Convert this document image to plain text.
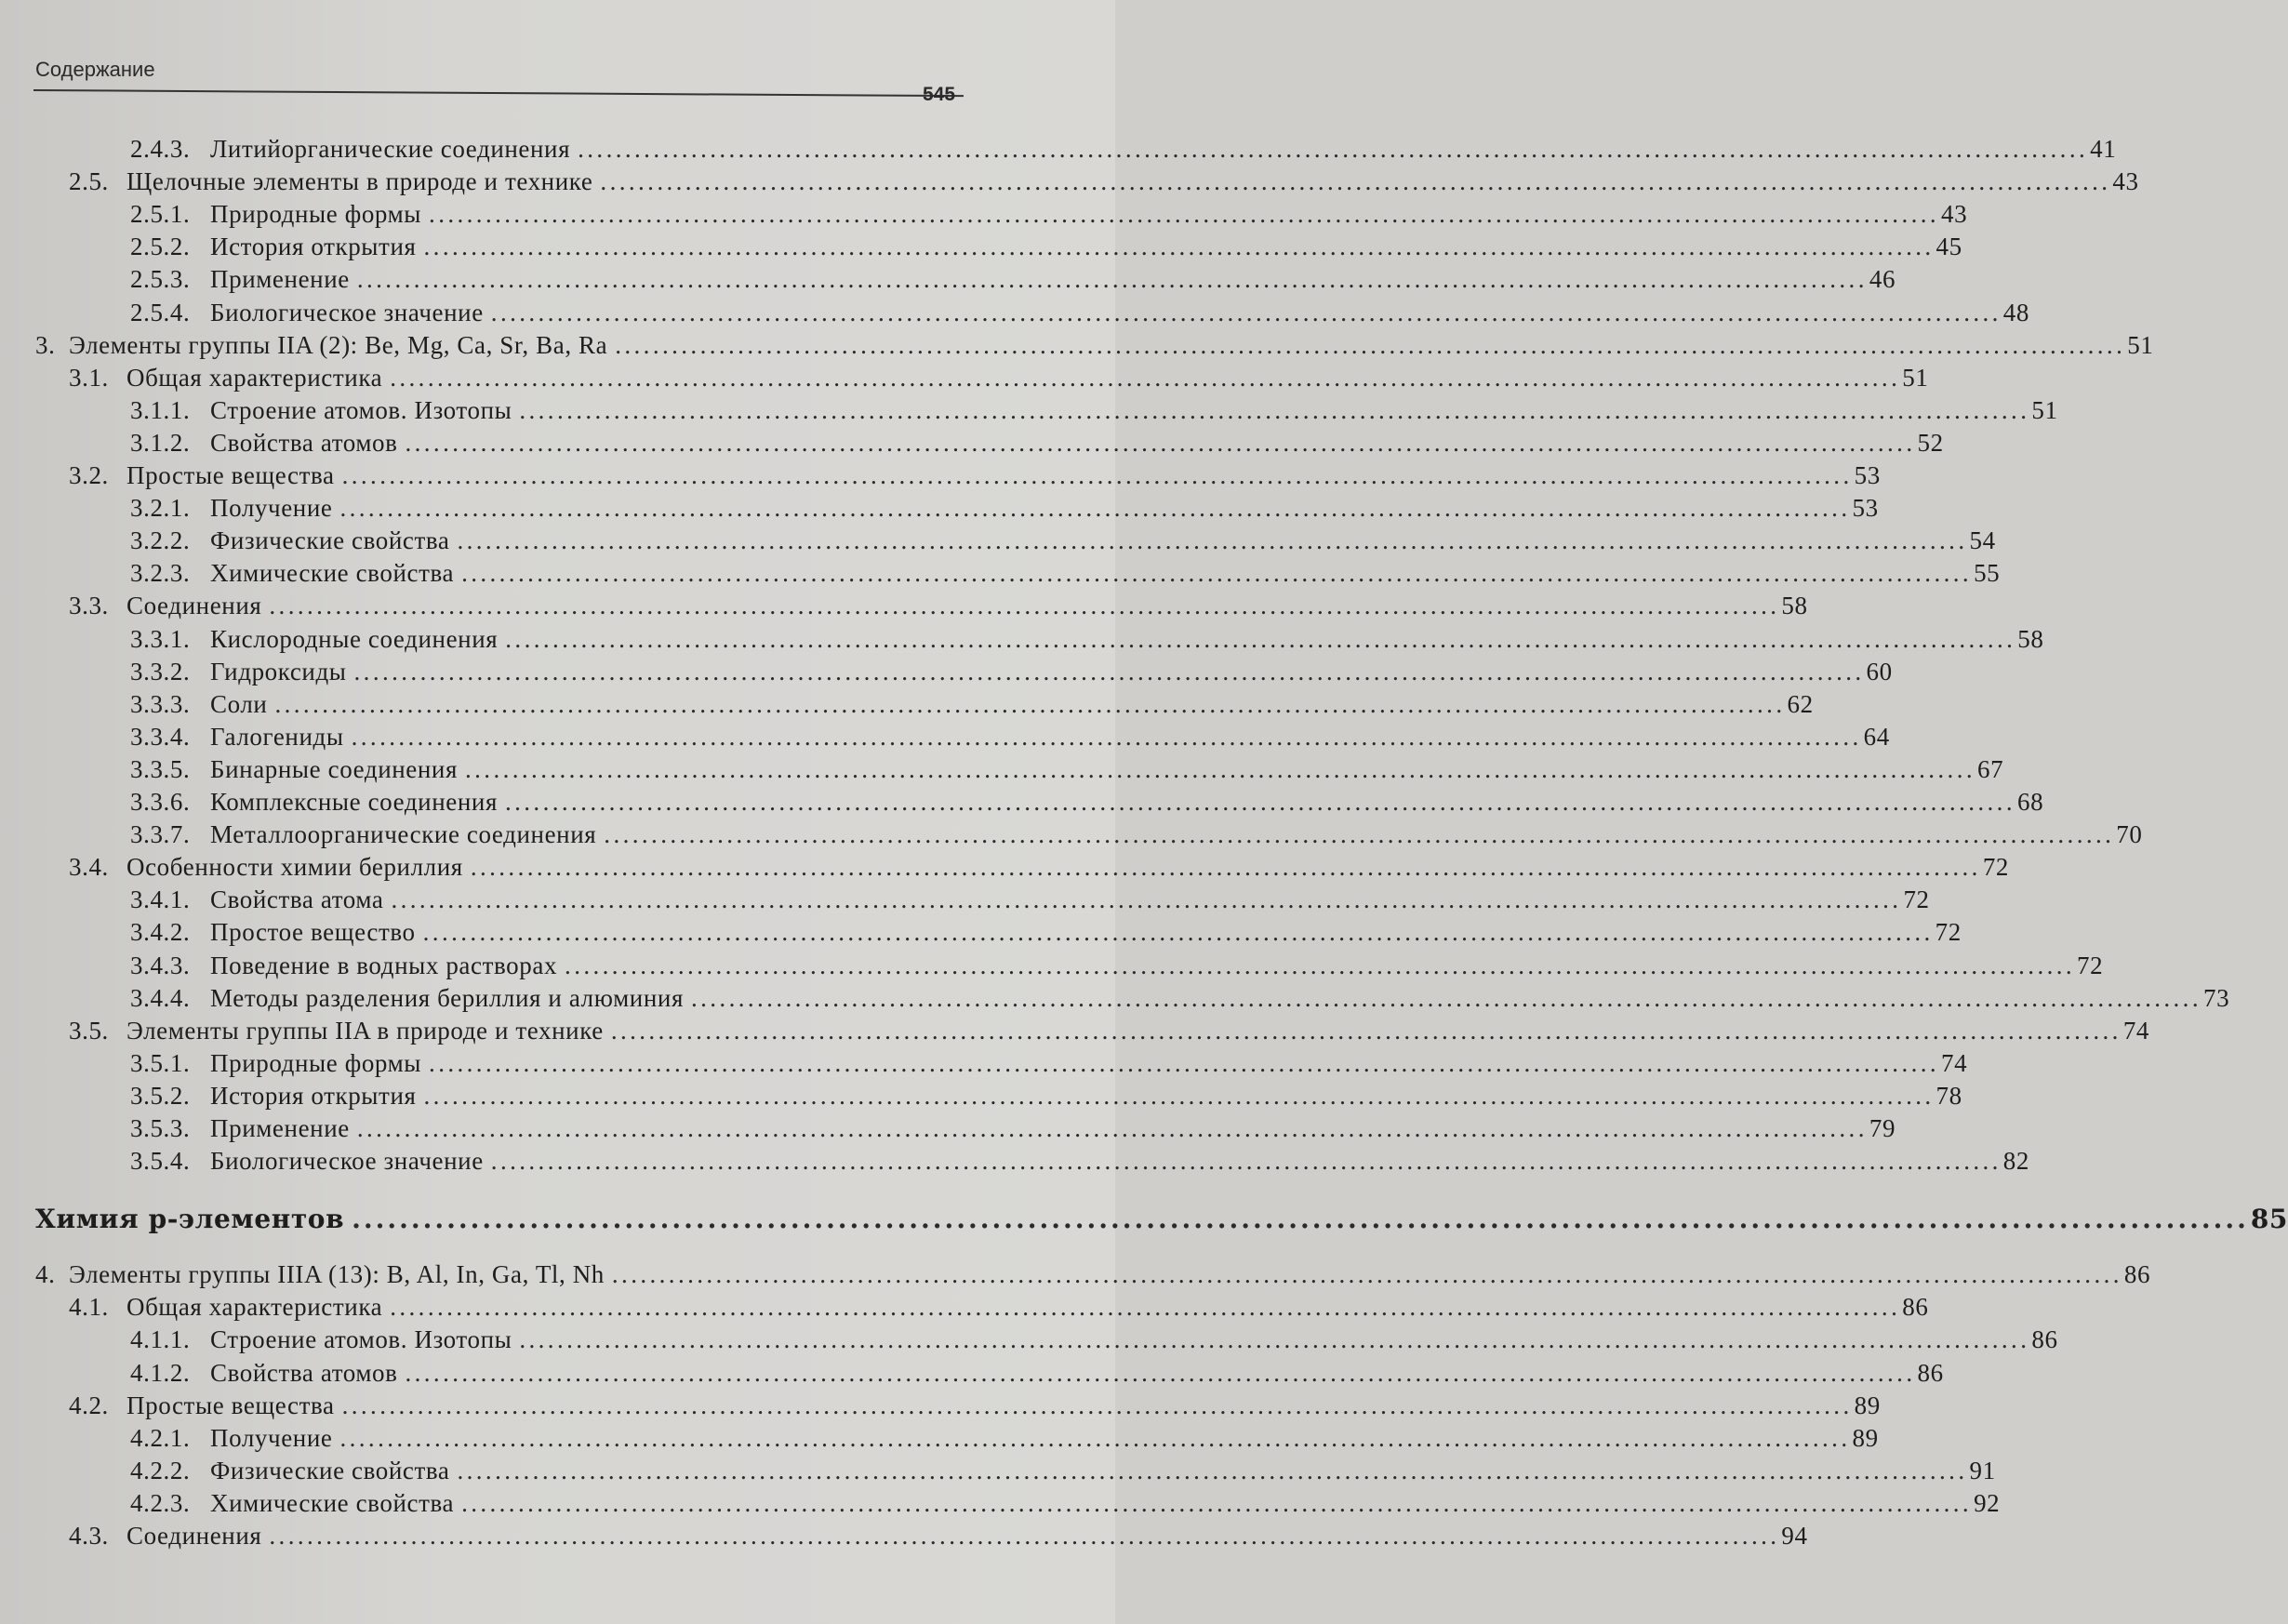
Содержание
545
2.4.3. Литийорганические соединения ................................................................................................................................................................ 41
2.5. Щелочные элементы в природе и технике ................................................................................................................................................................ 43
2.5.1. Природные формы ................................................................................................................................................................ 43
2.5.2. История открытия ................................................................................................................................................................ 45
2.5.3. Применение ................................................................................................................................................................ 46
2.5.4. Биологическое значение ................................................................................................................................................................ 48
3. Элементы группы IIA (2): Be, Mg, Ca, Sr, Ba, Ra ................................................................................................................................................................ 51
3.1. Общая характеристика ................................................................................................................................................................ 51
3.1.1. Строение атомов. Изотопы ................................................................................................................................................................ 51
3.1.2. Свойства атомов ................................................................................................................................................................ 52
3.2. Простые вещества ................................................................................................................................................................ 53
3.2.1. Получение ................................................................................................................................................................ 53
3.2.2. Физические свойства ................................................................................................................................................................ 54
3.2.3. Химические свойства ................................................................................................................................................................ 55
3.3. Соединения ................................................................................................................................................................ 58
3.3.1. Кислородные соединения ................................................................................................................................................................ 58
3.3.2. Гидроксиды ................................................................................................................................................................ 60
3.3.3. Соли ................................................................................................................................................................ 62
3.3.4. Галогениды ................................................................................................................................................................ 64
3.3.5. Бинарные соединения ................................................................................................................................................................ 67
3.3.6. Комплексные соединения ................................................................................................................................................................ 68
3.3.7. Металлоорганические соединения ................................................................................................................................................................ 70
3.4. Особенности химии бериллия ................................................................................................................................................................ 72
3.4.1. Свойства атома ................................................................................................................................................................ 72
3.4.2. Простое вещество ................................................................................................................................................................ 72
3.4.3. Поведение в водных растворах ................................................................................................................................................................ 72
3.4.4. Методы разделения бериллия и алюминия ................................................................................................................................................................ 73
3.5. Элементы группы IIA в природе и технике ................................................................................................................................................................ 74
3.5.1. Природные формы ................................................................................................................................................................ 74
3.5.2. История открытия ................................................................................................................................................................ 78
3.5.3. Применение ................................................................................................................................................................ 79
3.5.4. Биологическое значение ................................................................................................................................................................ 82
Химия p-элементов ................................................................................................................................................................ 85
4. Элементы группы IIIA (13): B, Al, In, Ga, Tl, Nh ................................................................................................................................................................ 86
4.1. Общая характеристика ................................................................................................................................................................ 86
4.1.1. Строение атомов. Изотопы ................................................................................................................................................................ 86
4.1.2. Свойства атомов ................................................................................................................................................................ 86
4.2. Простые вещества ................................................................................................................................................................ 89
4.2.1. Получение ................................................................................................................................................................ 89
4.2.2. Физические свойства ................................................................................................................................................................ 91
4.2.3. Химические свойства ................................................................................................................................................................ 92
4.3. Соединения ................................................................................................................................................................ 94
